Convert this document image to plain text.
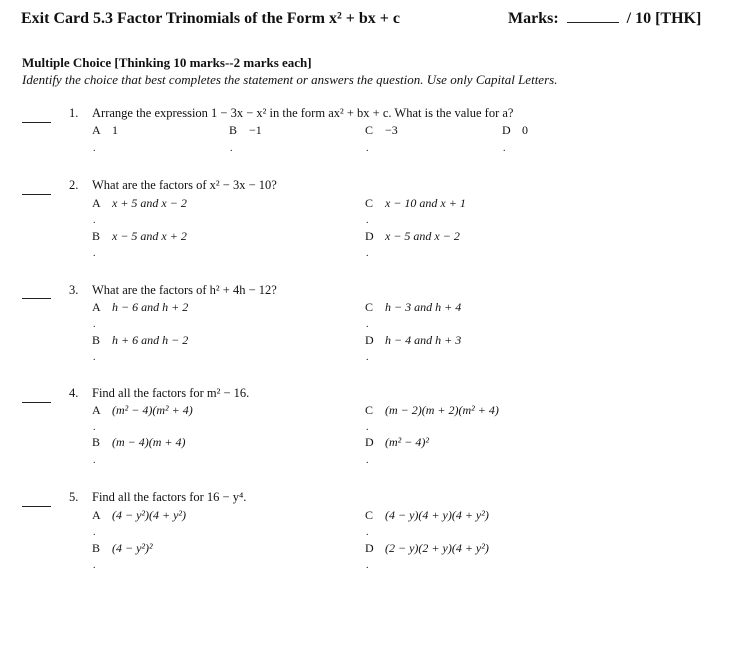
Exit Card 5.3 Factor Trinomials of the Form x² + bx + c	Marks:	/ 10 [THK]
Multiple Choice [Thinking 10 marks--2 marks each]
Identify the choice that best completes the statement or answers the question. Use only Capital Letters.
1. Arrange the expression 1 − 3x − x² in the form ax² + bx + c. What is the value for a?
A 1	B −1	C −3	D 0
.	.	.	.
2. What are the factors of x² − 3x − 10?
A x + 5 and x − 2	C x − 10 and x + 1
.	.
B x − 5 and x + 2	D x − 5 and x − 2
.	.
3. What are the factors of h² + 4h − 12?
A h − 6 and h + 2	C h − 3 and h + 4
.	.
B h + 6 and h − 2	D h − 4 and h + 3
.	.
4. Find all the factors for m² − 16.
A (m² − 4)(m² + 4)	C (m − 2)(m + 2)(m² + 4)
.	.
B (m − 4)(m + 4)	D (m² − 4)²
.	.
5. Find all the factors for 16 − y⁴.
A (4 − y²)(4 + y²)	C (4 − y)(4 + y)(4 + y²)
.	.
B (4 − y²)²	D (2 − y)(2 + y)(4 + y²)
.	.
